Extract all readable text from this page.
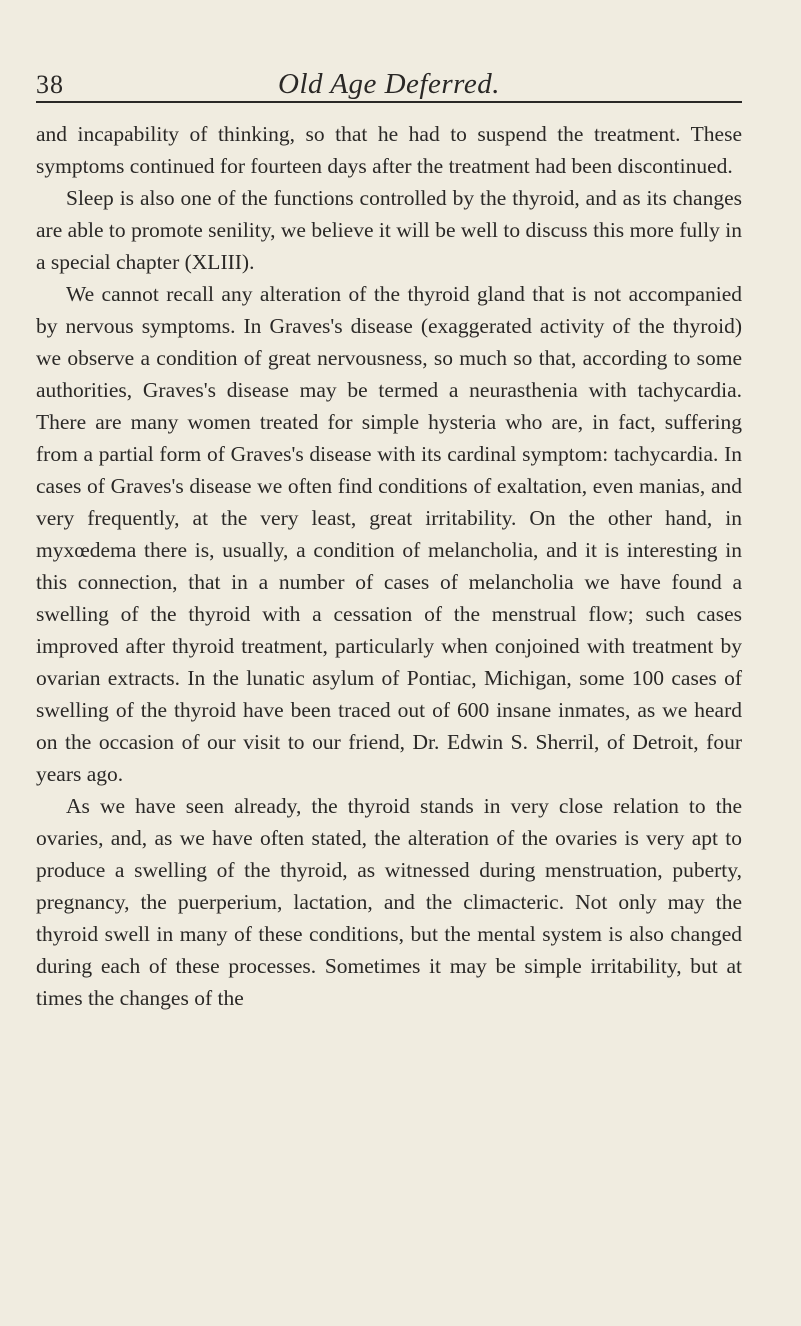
38	Old Age Deferred.

and incapability of thinking, so that he had to suspend the treatment. These symptoms continued for fourteen days after the treatment had been discontinued.

Sleep is also one of the functions controlled by the thyroid, and as its changes are able to promote senility, we believe it will be well to discuss this more fully in a special chapter (XLIII).

We cannot recall any alteration of the thyroid gland that is not accompanied by nervous symptoms. In Graves's disease (exaggerated activity of the thyroid) we observe a condition of great nervousness, so much so that, according to some authorities, Graves's disease may be termed a neurasthenia with tachycardia. There are many women treated for simple hysteria who are, in fact, suffering from a partial form of Graves's disease with its cardinal symptom: tachycardia. In cases of Graves's disease we often find conditions of exaltation, even manias, and very frequently, at the very least, great irritability. On the other hand, in myxœdema there is, usually, a condition of melancholia, and it is interesting in this connection, that in a number of cases of melancholia we have found a swelling of the thyroid with a cessation of the menstrual flow; such cases improved after thyroid treatment, particularly when conjoined with treatment by ovarian extracts. In the lunatic asylum of Pontiac, Michigan, some 100 cases of swelling of the thyroid have been traced out of 600 insane inmates, as we heard on the occasion of our visit to our friend, Dr. Edwin S. Sherril, of Detroit, four years ago.

As we have seen already, the thyroid stands in very close relation to the ovaries, and, as we have often stated, the alteration of the ovaries is very apt to produce a swelling of the thyroid, as witnessed during menstruation, puberty, pregnancy, the puerperium, lactation, and the climacteric. Not only may the thyroid swell in many of these conditions, but the mental system is also changed during each of these processes. Sometimes it may be simple irritability, but at times the changes of the
